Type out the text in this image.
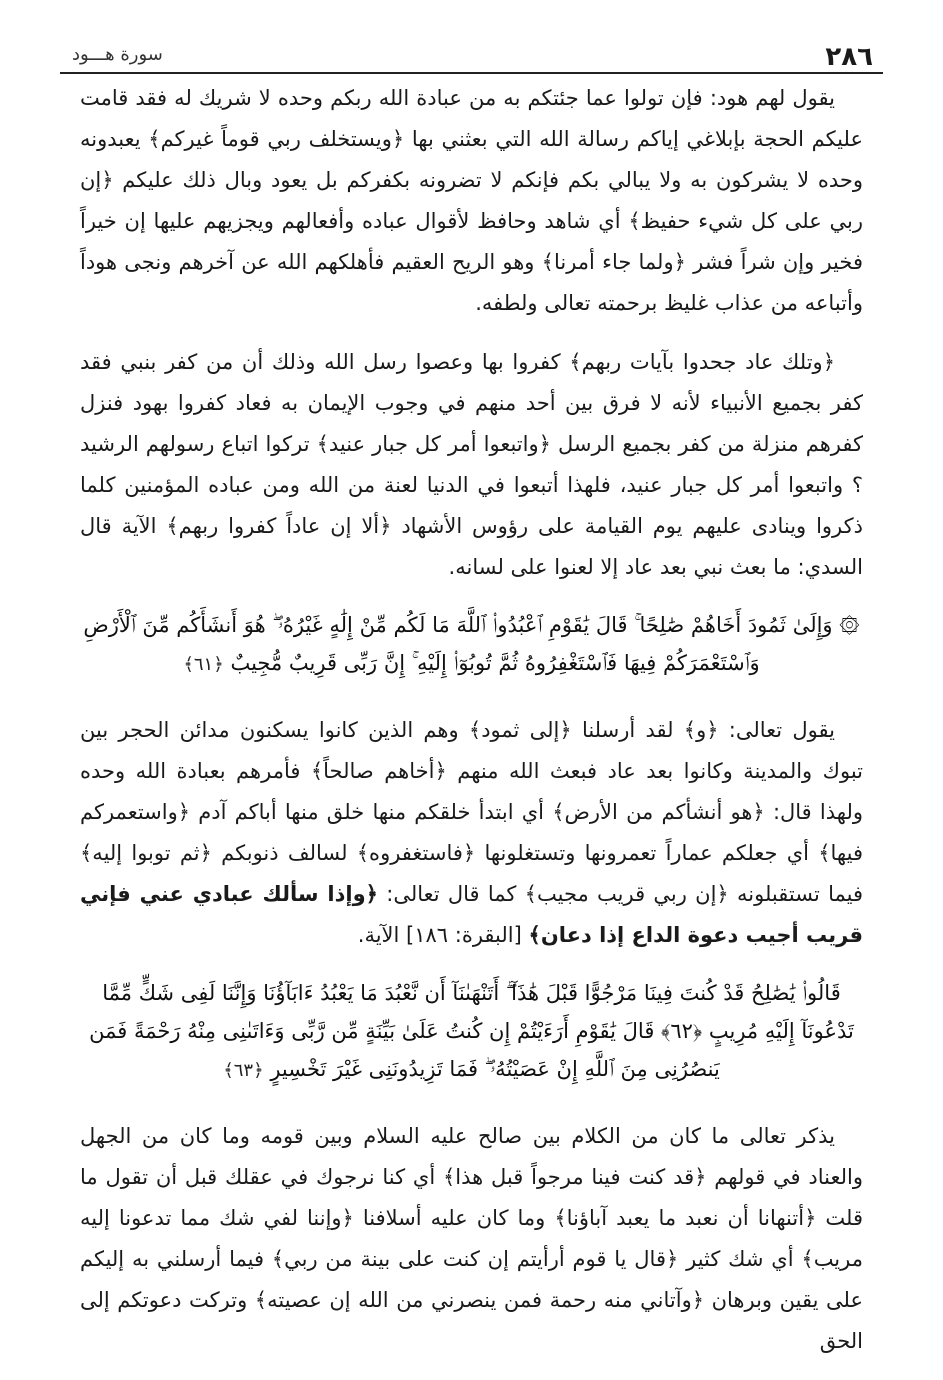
٢٨٦
سورة هـــود

يقول لهم هود: فإن تولوا عما جئتكم به من عبادة الله ربكم وحده لا شريك له فقد قامت عليكم الحجة بإبلاغي إياكم رسالة الله التي بعثني بها ﴿ويستخلف ربي قوماً غيركم﴾ يعبدونه وحده لا يشركون به ولا يبالي بكم فإنكم لا تضرونه بكفركم بل يعود وبال ذلك عليكم ﴿إن ربي على كل شيء حفيظ﴾ أي شاهد وحافظ لأقوال عباده وأفعالهم ويجزيهم عليها إن خيراً فخير وإن شراً فشر ﴿ولما جاء أمرنا﴾ وهو الريح العقيم فأهلكهم الله عن آخرهم ونجى هوداً وأتباعه من عذاب غليظ برحمته تعالى ولطفه.

﴿وتلك عاد جحدوا بآيات ربهم﴾ كفروا بها وعصوا رسل الله وذلك أن من كفر بنبي فقد كفر بجميع الأنبياء لأنه لا فرق بين أحد منهم في وجوب الإيمان به فعاد كفروا بهود فنزل كفرهم منزلة من كفر بجميع الرسل ﴿واتبعوا أمر كل جبار عنيد﴾ تركوا اتباع رسولهم الرشيد ؟ واتبعوا أمر كل جبار عنيد، فلهذا أتبعوا في الدنيا لعنة من الله ومن عباده المؤمنين كلما ذكروا وينادى عليهم يوم القيامة على رؤوس الأشهاد ﴿ألا إن عاداً كفروا ربهم﴾ الآية قال السدي: ما بعث نبي بعد عاد إلا لعنوا على لسانه.

۞ وَإِلَىٰ ثَمُودَ أَخَاهُمْ صَٰلِحًا ۚ قَالَ يَٰقَوْمِ ٱعْبُدُوا۟ ٱللَّهَ مَا لَكُم مِّنْ إِلَٰهٍ غَيْرُهُۥ ۖ هُوَ أَنشَأَكُم مِّنَ ٱلْأَرْضِ وَٱسْتَعْمَرَكُمْ فِيهَا فَٱسْتَغْفِرُوهُ ثُمَّ تُوبُوٓا۟ إِلَيْهِ ۚ إِنَّ رَبِّى قَرِيبٌ مُّجِيبٌ ﴿٦١﴾

يقول تعالى: ﴿و﴾ لقد أرسلنا ﴿إلى ثمود﴾ وهم الذين كانوا يسكنون مدائن الحجر بين تبوك والمدينة وكانوا بعد عاد فبعث الله منهم ﴿أخاهم صالحاً﴾ فأمرهم بعبادة الله وحده ولهذا قال: ﴿هو أنشأكم من الأرض﴾ أي ابتدأ خلقكم منها خلق منها أباكم آدم ﴿واستعمركم فيها﴾ أي جعلكم عماراً تعمرونها وتستغلونها ﴿فاستغفروه﴾ لسالف ذنوبكم ﴿ثم توبوا إليه﴾ فيما تستقبلونه ﴿إن ربي قريب مجيب﴾ كما قال تعالى: ﴿وإذا سألك عبادي عني فإني قريب أجيب دعوة الداع إذا دعان﴾ [البقرة: ١٨٦] الآية.

قَالُوا۟ يَٰصَٰلِحُ قَدْ كُنتَ فِينَا مَرْجُوًّا قَبْلَ هَٰذَآ ۖ أَتَنْهَىٰنَآ أَن نَّعْبُدَ مَا يَعْبُدُ ءَابَآؤُنَا وَإِنَّنَا لَفِى شَكٍّ مِّمَّا تَدْعُونَآ إِلَيْهِ مُرِيبٍ ﴿٦٢﴾ قَالَ يَٰقَوْمِ أَرَءَيْتُمْ إِن كُنتُ عَلَىٰ بَيِّنَةٍ مِّن رَّبِّى وَءَاتَىٰنِى مِنْهُ رَحْمَةً فَمَن يَنصُرُنِى مِنَ ٱللَّهِ إِنْ عَصَيْتُهُۥ ۖ فَمَا تَزِيدُونَنِى غَيْرَ تَخْسِيرٍ ﴿٦٣﴾

يذكر تعالى ما كان من الكلام بين صالح عليه السلام وبين قومه وما كان من الجهل والعناد في قولهم ﴿قد كنت فينا مرجواً قبل هذا﴾ أي كنا نرجوك في عقلك قبل أن تقول ما قلت ﴿أتنهانا أن نعبد ما يعبد آباؤنا﴾ وما كان عليه أسلافنا ﴿وإننا لفي شك مما تدعونا إليه مريب﴾ أي شك كثير ﴿قال يا قوم أرأيتم إن كنت على بينة من ربي﴾ فيما أرسلني به إليكم على يقين وبرهان ﴿وآتاني منه رحمة فمن ينصرني من الله إن عصيته﴾ وتركت دعوتكم إلى الحق
